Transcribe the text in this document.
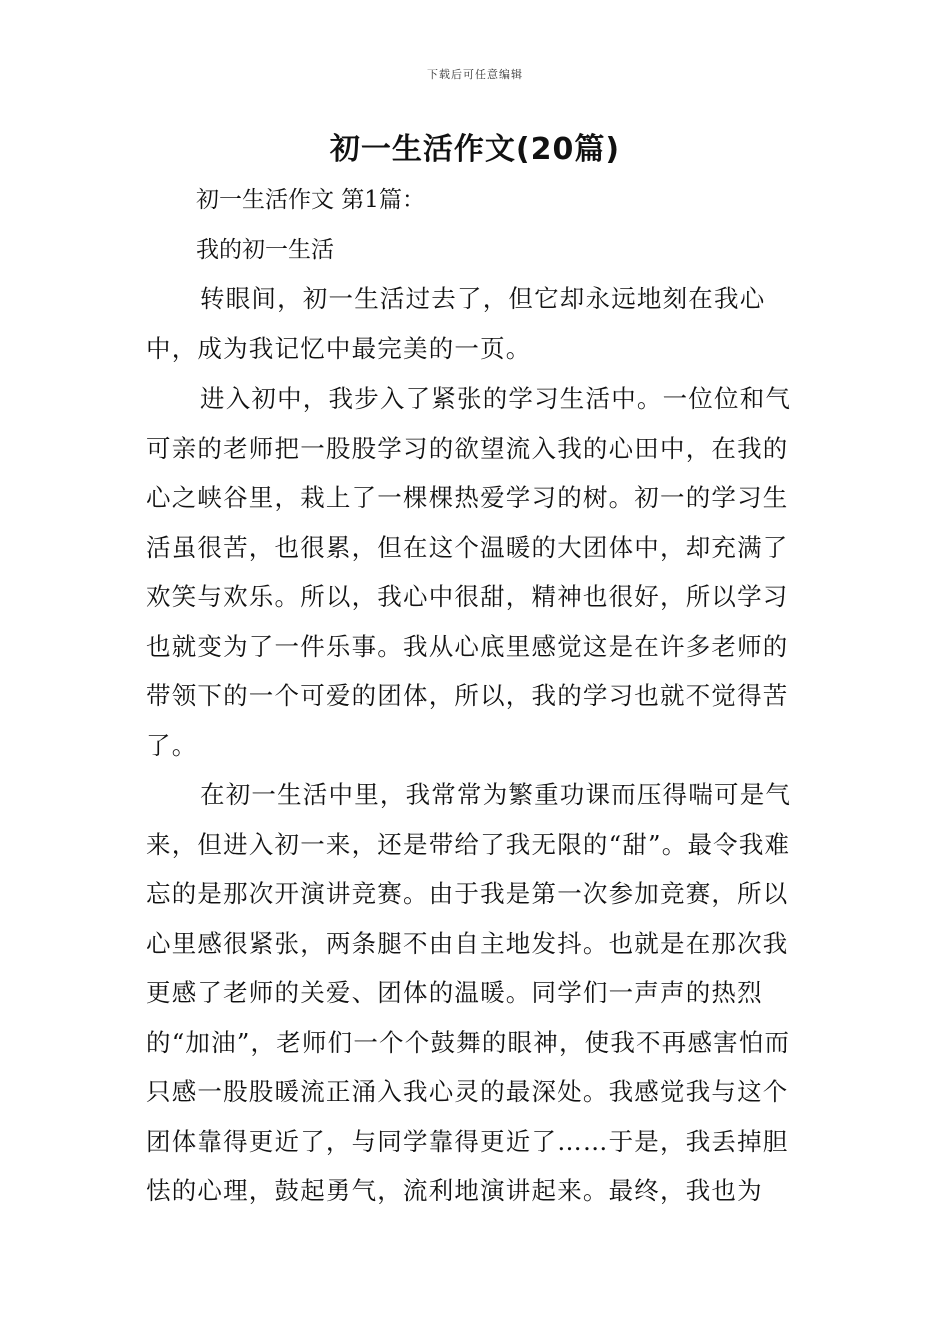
下载后可任意编辑
初一生活作文(20篇)
初一生活作文 第1篇：
我的初一生活

转眼间，初一生活过去了，但它却永远地刻在我心中，成为我记忆中最完美的一页。

进入初中，我步入了紧张的学习生活中。一位位和气可亲的老师把一股股学习的欲望流入我的心田中，在我的心之峡谷里，栽上了一棵棵热爱学习的树。初一的学习生活虽很苦，也很累，但在这个温暖的大团体中，却充满了欢笑与欢乐。所以，我心中很甜，精神也很好，所以学习也就变为了一件乐事。我从心底里感觉这是在许多老师的带领下的一个可爱的团体，所以，我的学习也就不觉得苦了。

在初一生活中里，我常常为繁重功课而压得喘可是气来，但进入初一来，还是带给了我无限的“甜”。最令我难忘的是那次开演讲竞赛。由于我是第一次参加竞赛，所以心里感很紧张，两条腿不由自主地发抖。也就是在那次我更感了老师的关爱、团体的温暖。同学们一声声的热烈的“加油”，老师们一个个鼓舞的眼神，使我不再感害怕而只感一股股暖流正涌入我心灵的最深处。我感觉我与这个团体靠得更近了，与同学靠得更近了……于是，我丢掉胆怯的心理，鼓起勇气，流利地演讲起来。最终，我也为
